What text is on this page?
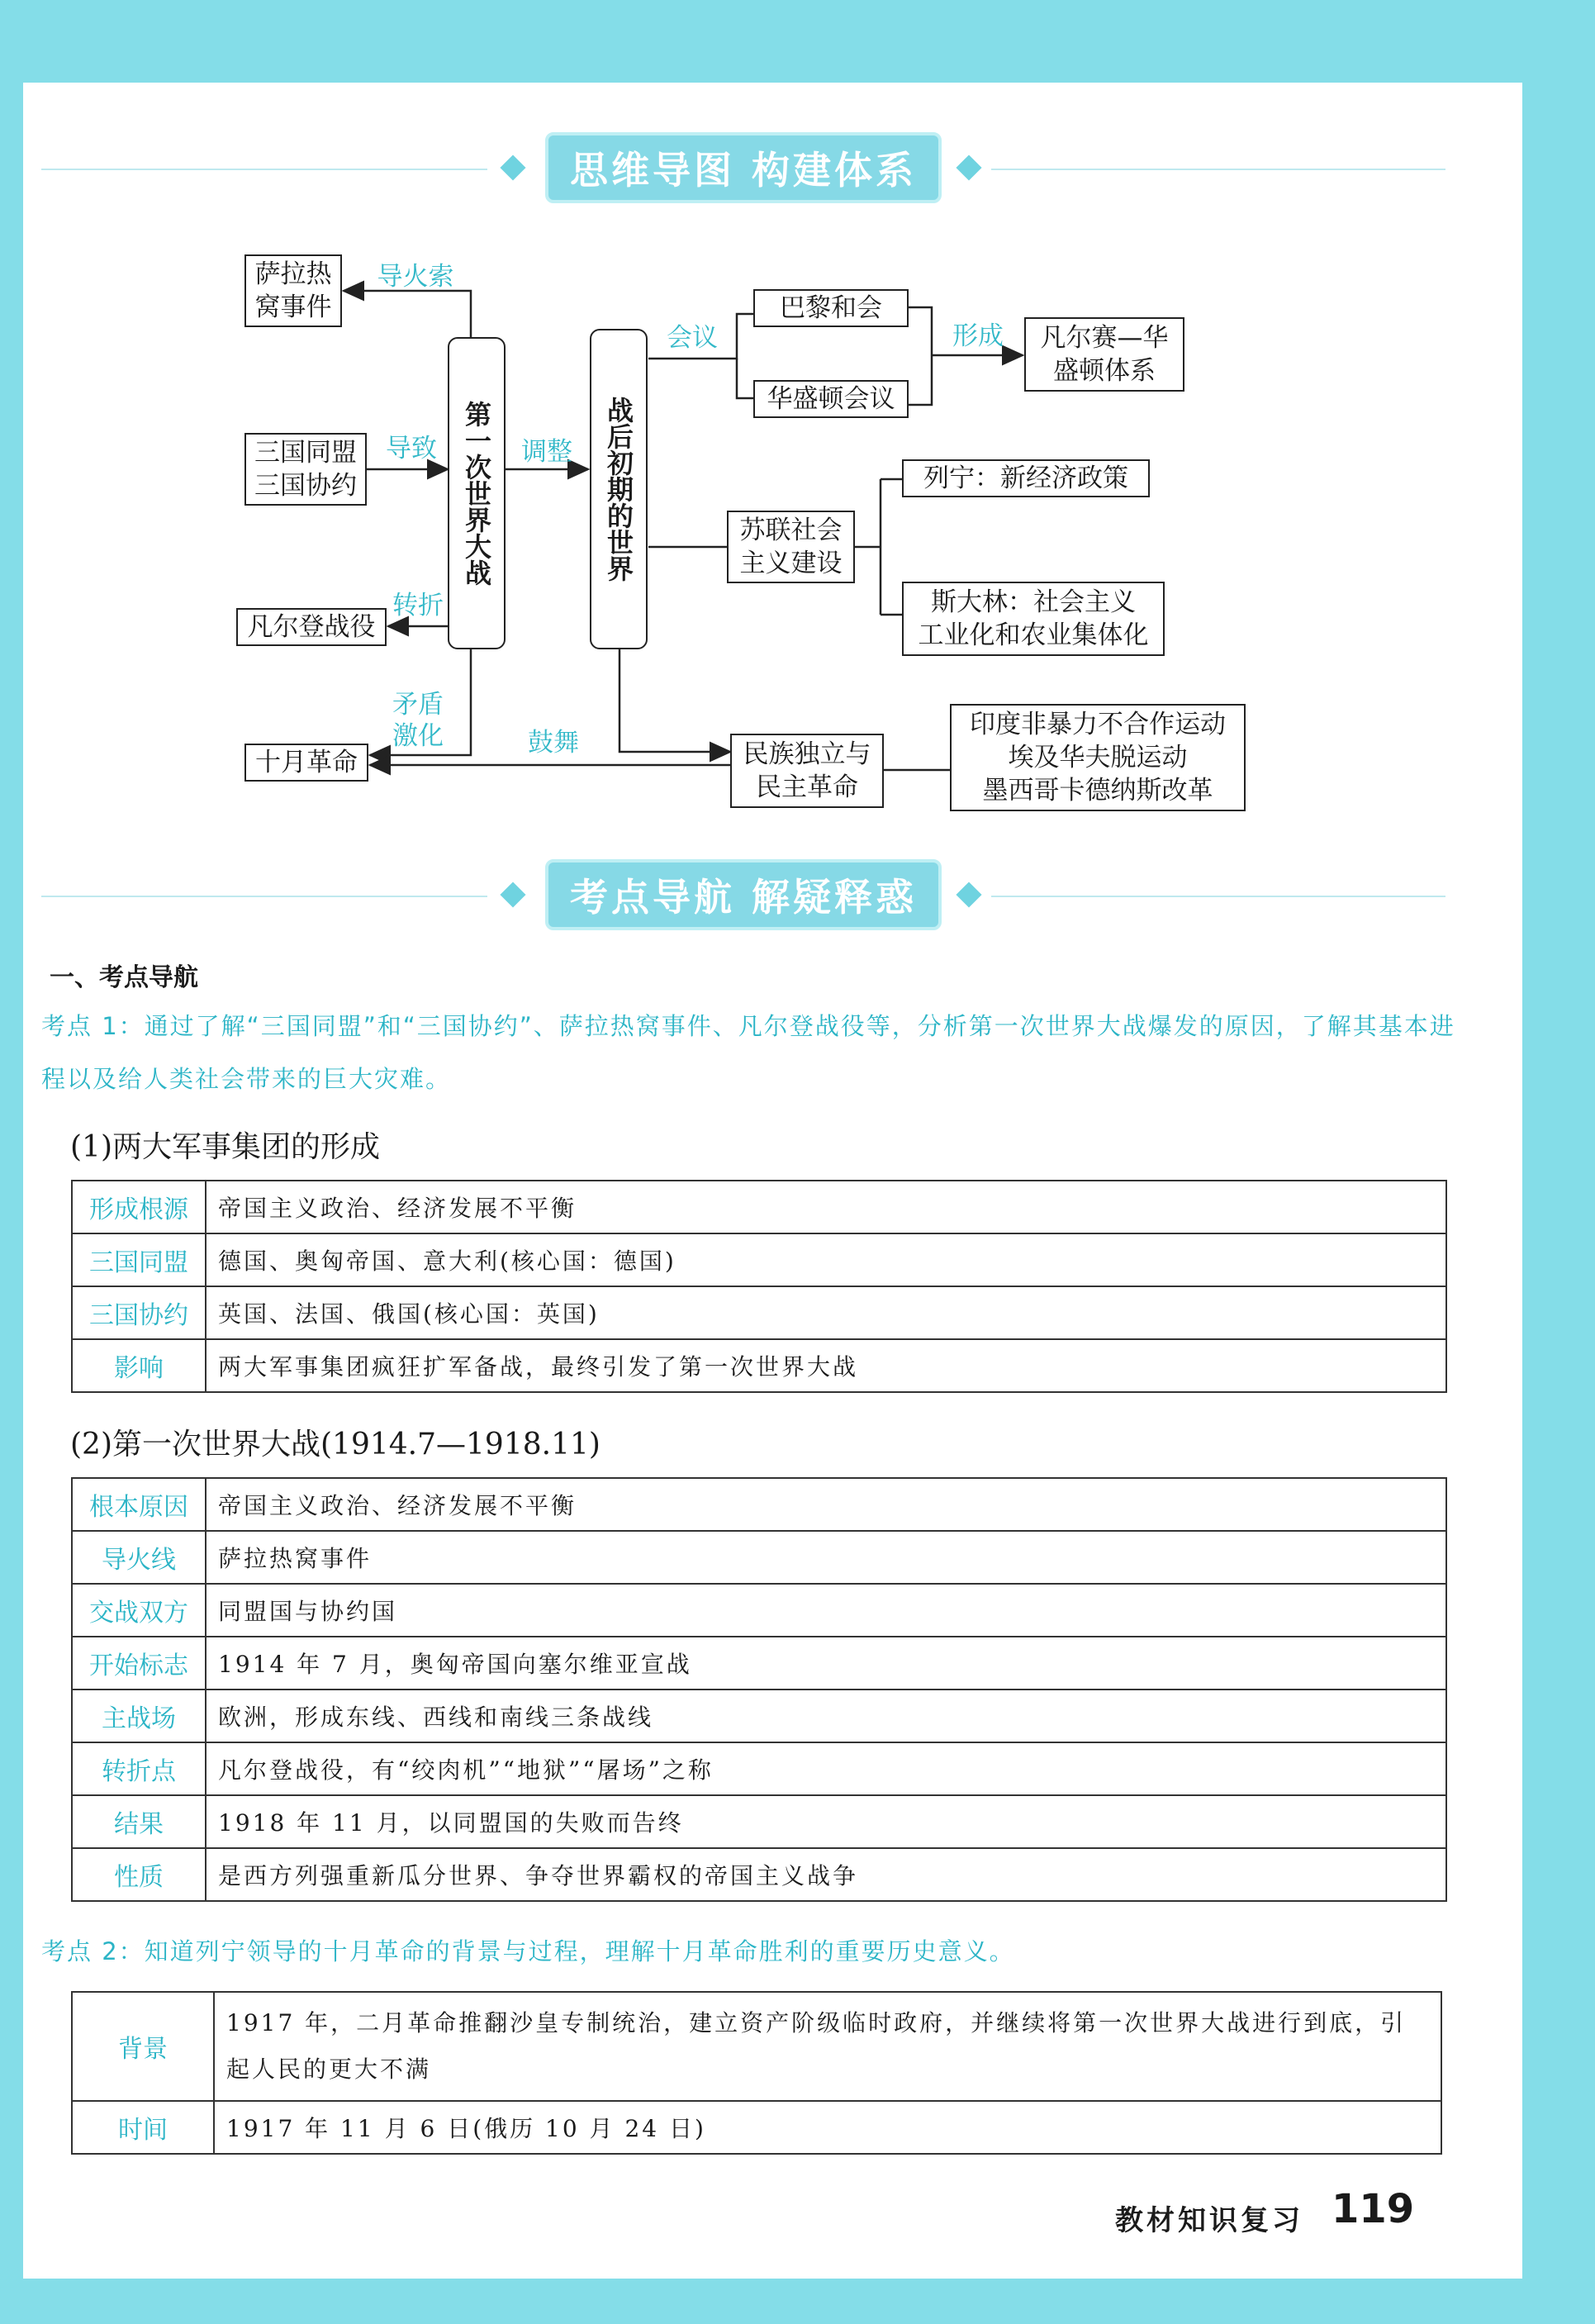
思维导图 构建体系
萨拉热
窝事件
三国同盟
三国协约
凡尔登战役
十月革命
第一次世界大战	战后初期的世界
巴黎和会
华盛顿会议
凡尔赛—华
盛顿体系
苏联社会
主义建设
列宁：新经济政策
斯大林：社会主义
工业化和农业集体化
民族独立与
民主革命
印度非暴力不合作运动
埃及华夫脱运动
墨西哥卡德纳斯改革
导火索
导致	调整
转折
矛盾
激化	鼓舞
会议	形成
考点导航 解疑释惑
一、考点导航
考点 1：通过了解“三国同盟”和“三国协约”、萨拉热窝事件、凡尔登战役等，分析第一次世界大战爆发的原因，了解其基本进程以及给人类社会带来的巨大灾难。
(1)两大军事集团的形成
形成根源	帝国主义政治、经济发展不平衡
三国同盟	德国、奥匈帝国、意大利(核心国：德国)
三国协约	英国、法国、俄国(核心国：英国)
影响	两大军事集团疯狂扩军备战，最终引发了第一次世界大战
(2)第一次世界大战(1914.7—1918.11)
根本原因	帝国主义政治、经济发展不平衡
导火线	萨拉热窝事件
交战双方	同盟国与协约国
开始标志	1914 年 7 月，奥匈帝国向塞尔维亚宣战
主战场	欧洲，形成东线、西线和南线三条战线
转折点	凡尔登战役，有“绞肉机”“地狱”“屠场”之称
结果	1918 年 11 月，以同盟国的失败而告终
性质	是西方列强重新瓜分世界、争夺世界霸权的帝国主义战争
考点 2：知道列宁领导的十月革命的背景与过程，理解十月革命胜利的重要历史意义。
背景	1917 年，二月革命推翻沙皇专制统治，建立资产阶级临时政府，并继续将第一次世界大战进行到底，引起人民的更大不满
时间	1917 年 11 月 6 日(俄历 10 月 24 日)
教材知识复习 119
